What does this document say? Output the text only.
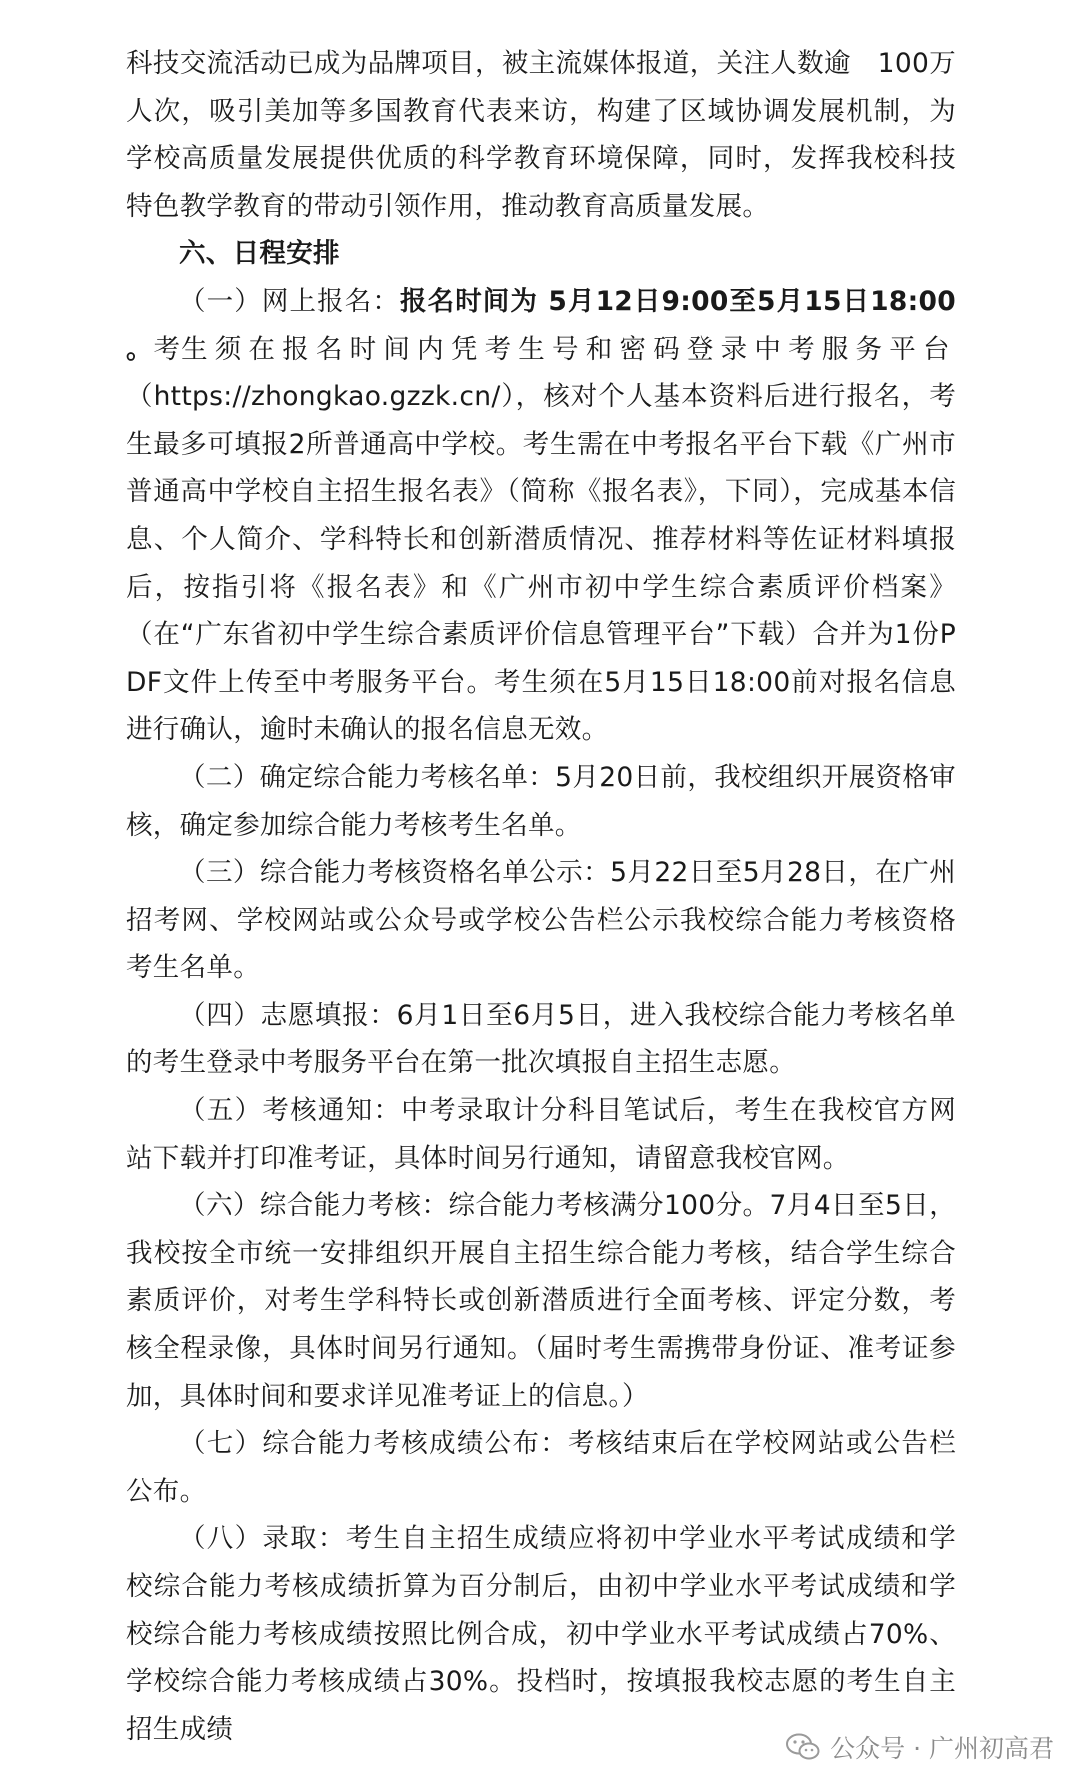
科技交流活动已成为品牌项目，被主流媒体报道，关注人数逾　100万人次，吸引美加等多国教育代表来访，构建了区域协调发展机制，为学校高质量发展提供优质的科学教育环境保障，同时，发挥我校科技特色教学教育的带动引领作用，推动教育高质量发展。

六、日程安排

（一）网上报名：报名时间为 5月12日9:00至5月15日18:00 。考生须在报名时间内凭考生号和密码登录中考服务平台（https://zhongkao.gzzk.cn/），核对个人基本资料后进行报名，考生最多可填报2所普通高中学校。考生需在中考报名平台下载《广州市普通高中学校自主招生报名表》（简称《报名表》，下同），完成基本信息、个人简介、学科特长和创新潜质情况、推荐材料等佐证材料填报后，按指引将《报名表》和《广州市初中学生综合素质评价档案》（在“广东省初中学生综合素质评价信息管理平台”下载）合并为1份PDF文件上传至中考服务平台。考生须在5月15日18:00前对报名信息进行确认，逾时未确认的报名信息无效。

（二）确定综合能力考核名单：5月20日前，我校组织开展资格审核，确定参加综合能力考核考生名单。

（三）综合能力考核资格名单公示：5月22日至5月28日，在广州招考网、学校网站或公众号或学校公告栏公示我校综合能力考核资格考生名单。

（四）志愿填报：6月1日至6月5日，进入我校综合能力考核名单的考生登录中考服务平台在第一批次填报自主招生志愿。

（五）考核通知：中考录取计分科目笔试后，考生在我校官方网站下载并打印准考证，具体时间另行通知，请留意我校官网。

（六）综合能力考核：综合能力考核满分100分。7月4日至5日，我校按全市统一安排组织开展自主招生综合能力考核，结合学生综合素质评价，对考生学科特长或创新潜质进行全面考核、评定分数，考核全程录像，具体时间另行通知。（届时考生需携带身份证、准考证参加，具体时间和要求详见准考证上的信息。）

（七）综合能力考核成绩公布：考核结束后在学校网站或公告栏公布。

（八）录取：考生自主招生成绩应将初中学业水平考试成绩和学校综合能力考核成绩折算为百分制后，由初中学业水平考试成绩和学校综合能力考核成绩按照比例合成，初中学业水平考试成绩占70%、学校综合能力考核成绩占30%。投档时，按填报我校志愿的考生自主招生成绩

公众号 · 广州初高君
